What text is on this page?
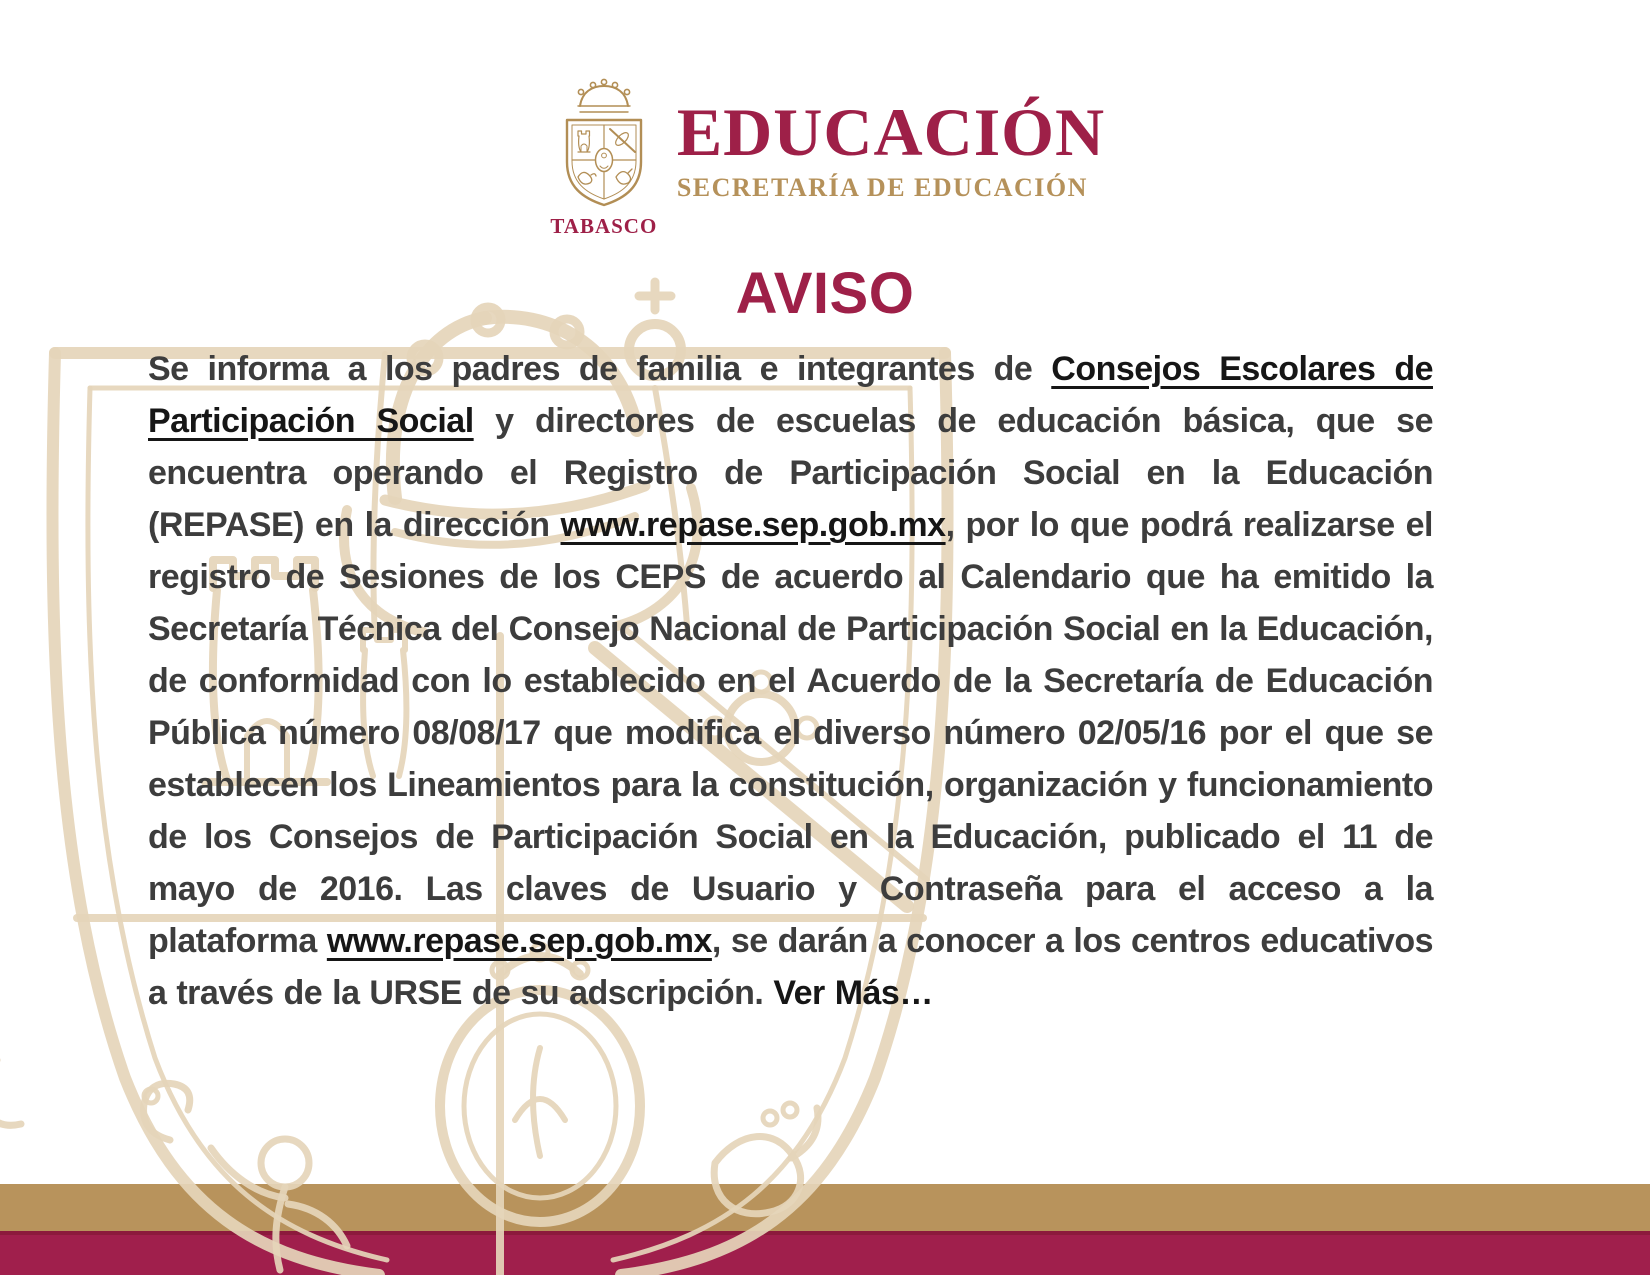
TABASCO
EDUCACIÓN
SECRETARÍA DE EDUCACIÓN
AVISO

Se informa a los padres de familia e integrantes de Consejos Escolares de Participación Social y directores de escuelas de educación básica, que se encuentra operando el Registro de Participación Social en la Educación (REPASE) en la dirección www.repase.sep.gob.mx, por lo que podrá realizarse el registro de Sesiones de los CEPS de acuerdo al Calendario que ha emitido la Secretaría Técnica del Consejo Nacional de Participación Social en la Educación, de conformidad con lo establecido en el Acuerdo de la Secretaría de Educación Pública número 08/08/17 que modifica el diverso número 02/05/16 por el que se establecen los Lineamientos para la constitución, organización y funcionamiento de los Consejos de Participación Social en la Educación, publicado el 11 de mayo de 2016. Las claves de Usuario y Contraseña para el acceso a la plataforma www.repase.sep.gob.mx, se darán a conocer a los centros educativos a través de la URSE de su adscripción. Ver Más…
